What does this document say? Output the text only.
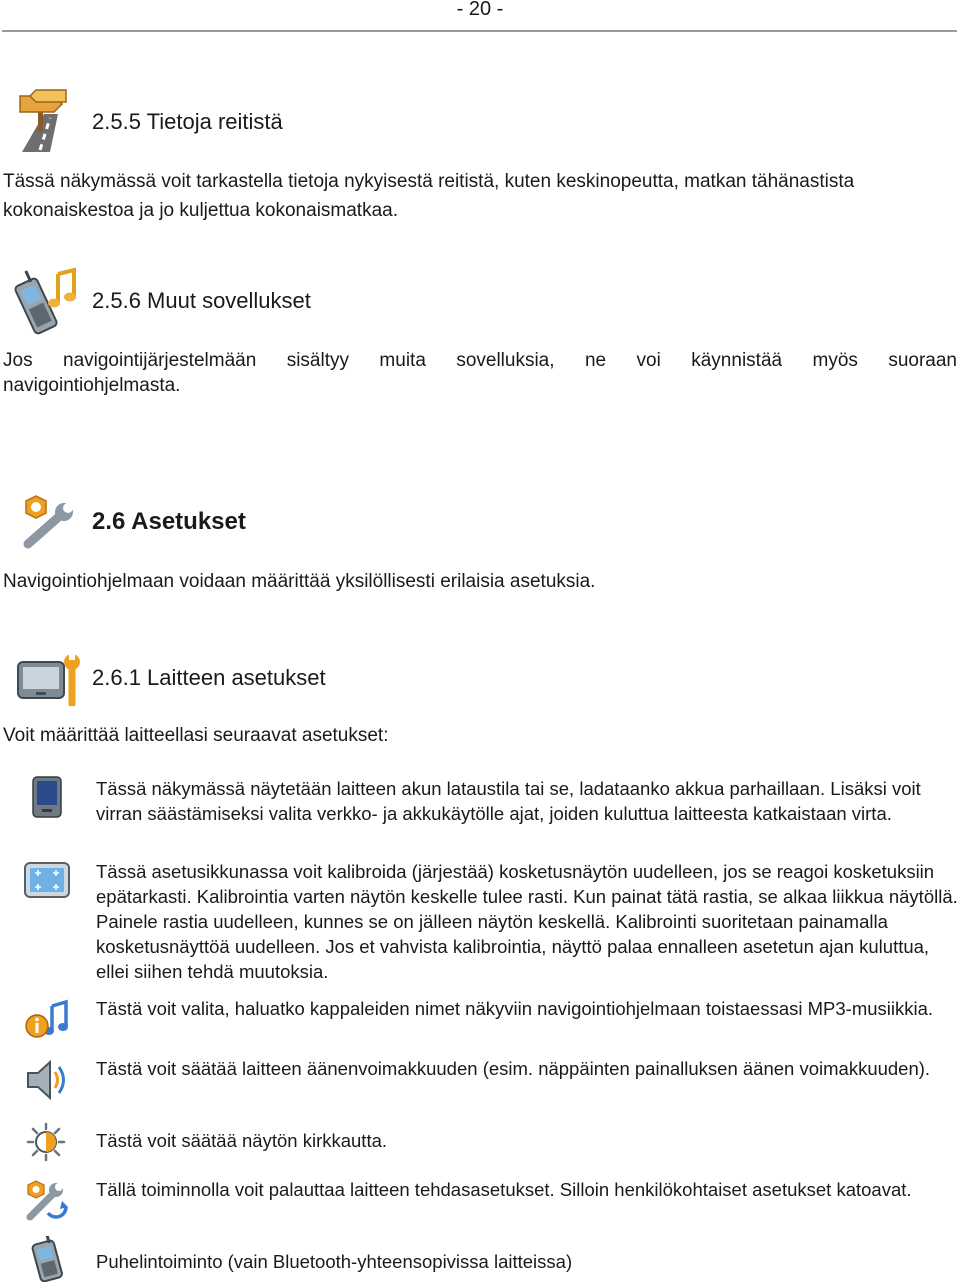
- 20 -
2.5.5 Tietoja reitistä
Tässä näkymässä voit tarkastella tietoja nykyisestä reitistä, kuten keskinopeutta, matkan tähänastista kokonaiskestoa ja jo kuljettua kokonaismatkaa.
2.5.6 Muut sovellukset
Jos navigointijärjestelmään sisältyy muita sovelluksia, ne voi käynnistää myös suoraan
navigointiohjelmasta.
2.6 Asetukset
Navigointiohjelmaan voidaan määrittää yksilöllisesti erilaisia asetuksia.
2.6.1 Laitteen asetukset
Voit määrittää laitteellasi seuraavat asetukset:
Tässä näkymässä näytetään laitteen akun lataustila tai se, ladataanko akkua parhaillaan. Lisäksi voit virran säästämiseksi valita verkko- ja akkukäytölle ajat, joiden kuluttua laitteesta katkaistaan virta.
Tässä asetusikkunassa voit kalibroida (järjestää) kosketusnäytön uudelleen, jos se reagoi kosketuksiin epätarkasti. Kalibrointia varten näytön keskelle tulee rasti. Kun painat tätä rastia, se alkaa liikkua näytöllä. Painele rastia uudelleen, kunnes se on jälleen näytön keskellä. Kalibrointi suoritetaan painamalla kosketusnäyttöä uudelleen. Jos et vahvista kalibrointia, näyttö palaa ennalleen asetetun ajan kuluttua, ellei siihen tehdä muutoksia.
Tästä voit valita, haluatko kappaleiden nimet näkyviin navigointiohjelmaan toistaessasi MP3-musiikkia.
Tästä voit säätää laitteen äänenvoimakkuuden (esim. näppäinten painalluksen äänen voimakkuuden).
Tästä voit säätää näytön kirkkautta.
Tällä toiminnolla voit palauttaa laitteen tehdasasetukset. Silloin henkilökohtaiset asetukset katoavat.
Puhelintoiminto (vain Bluetooth-yhteensopivissa laitteissa)
